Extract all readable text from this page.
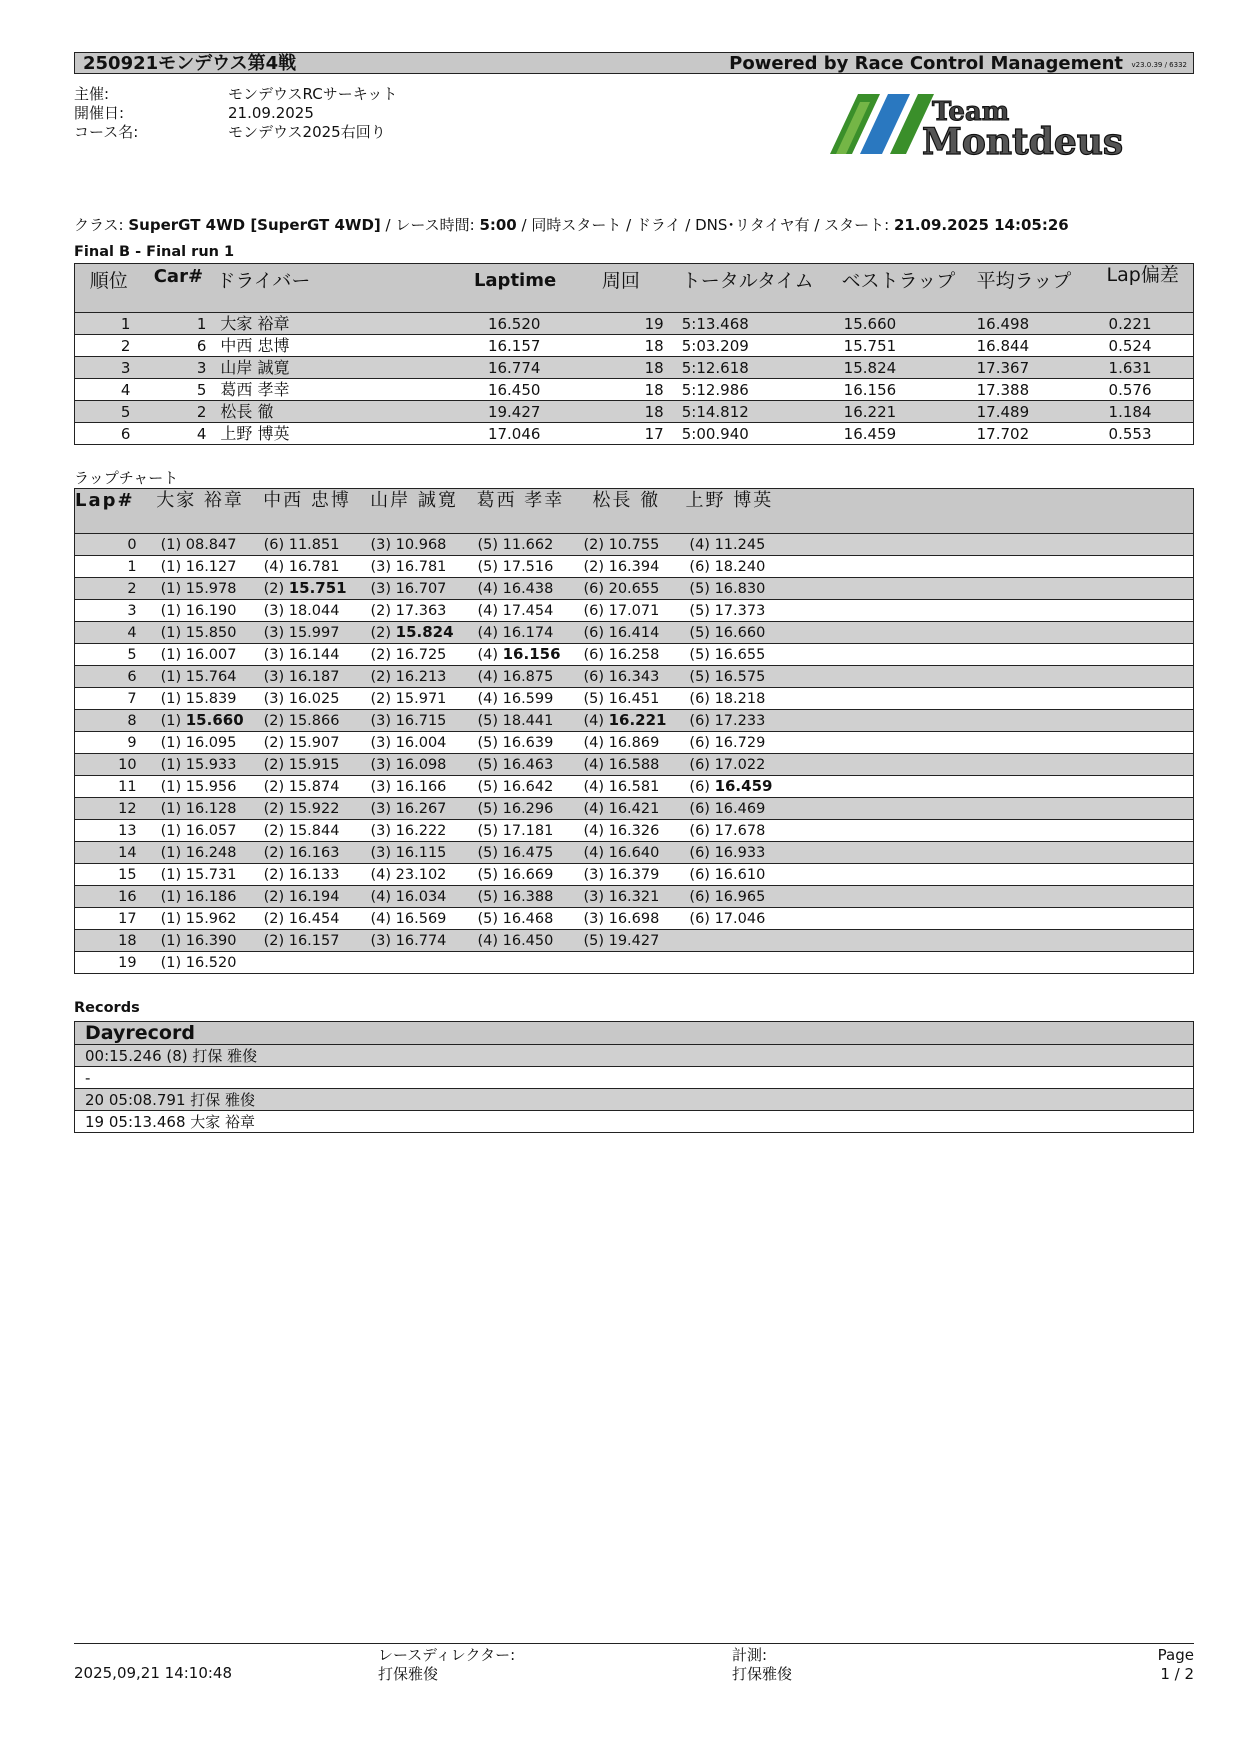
250921モンデウス第4戦	Powered by Race Control Management v23.0.39 / 6332
主催:
開催日:
コース名:
モンデウスRCサーキット
21.09.2025
モンデウス2025右回り
Team
Montdeus
クラス: SuperGT 4WD [SuperGT 4WD] / レース時間: 5:00 / 同時スタート / ドライ / DNS･リタイヤ有 / スタート: 21.09.2025 14:05:26
Final B - Final run 1
順位	Car#	ドライバー	Laptime	周回	トータルタイム	ベストラップ	平均ラップ	Lap偏差
1	1	大家 裕章	16.520	19	5:13.468	15.660	16.498	0.221
2	6	中西 忠博	16.157	18	5:03.209	15.751	16.844	0.524
3	3	山岸 誠寛	16.774	18	5:12.618	15.824	17.367	1.631
4	5	葛西 孝幸	16.450	18	5:12.986	16.156	17.388	0.576
5	2	松長 徹	19.427	18	5:14.812	16.221	17.489	1.184
6	4	上野 博英	17.046	17	5:00.940	16.459	17.702	0.553
ラップチャート
Lap#	大家 裕章	中西 忠博	山岸 誠寛	葛西 孝幸	松長 徹	上野 博英	
0	(1) 08.847	(6) 11.851	(3) 10.968	(5) 11.662	(2) 10.755	(4) 11.245	
1	(1) 16.127	(4) 16.781	(3) 16.781	(5) 17.516	(2) 16.394	(6) 18.240	
2	(1) 15.978	(2) 15.751	(3) 16.707	(4) 16.438	(6) 20.655	(5) 16.830	
3	(1) 16.190	(3) 18.044	(2) 17.363	(4) 17.454	(6) 17.071	(5) 17.373	
4	(1) 15.850	(3) 15.997	(2) 15.824	(4) 16.174	(6) 16.414	(5) 16.660	
5	(1) 16.007	(3) 16.144	(2) 16.725	(4) 16.156	(6) 16.258	(5) 16.655	
6	(1) 15.764	(3) 16.187	(2) 16.213	(4) 16.875	(6) 16.343	(5) 16.575	
7	(1) 15.839	(3) 16.025	(2) 15.971	(4) 16.599	(5) 16.451	(6) 18.218	
8	(1) 15.660	(2) 15.866	(3) 16.715	(5) 18.441	(4) 16.221	(6) 17.233	
9	(1) 16.095	(2) 15.907	(3) 16.004	(5) 16.639	(4) 16.869	(6) 16.729	
10	(1) 15.933	(2) 15.915	(3) 16.098	(5) 16.463	(4) 16.588	(6) 17.022	
11	(1) 15.956	(2) 15.874	(3) 16.166	(5) 16.642	(4) 16.581	(6) 16.459	
12	(1) 16.128	(2) 15.922	(3) 16.267	(5) 16.296	(4) 16.421	(6) 16.469	
13	(1) 16.057	(2) 15.844	(3) 16.222	(5) 17.181	(4) 16.326	(6) 17.678	
14	(1) 16.248	(2) 16.163	(3) 16.115	(5) 16.475	(4) 16.640	(6) 16.933	
15	(1) 15.731	(2) 16.133	(4) 23.102	(5) 16.669	(3) 16.379	(6) 16.610	
16	(1) 16.186	(2) 16.194	(4) 16.034	(5) 16.388	(3) 16.321	(6) 16.965	
17	(1) 15.962	(2) 16.454	(4) 16.569	(5) 16.468	(3) 16.698	(6) 17.046	
18	(1) 16.390	(2) 16.157	(3) 16.774	(4) 16.450	(5) 19.427		
19	(1) 16.520						
Records
Dayrecord
00:15.246 (8) 打保 雅俊
-
20 05:08.791 打保 雅俊
19 05:13.468 大家 裕章
2025,09,21 14:10:48
レースディレクター:
打保雅俊
計測:
打保雅俊
Page
1 / 2
